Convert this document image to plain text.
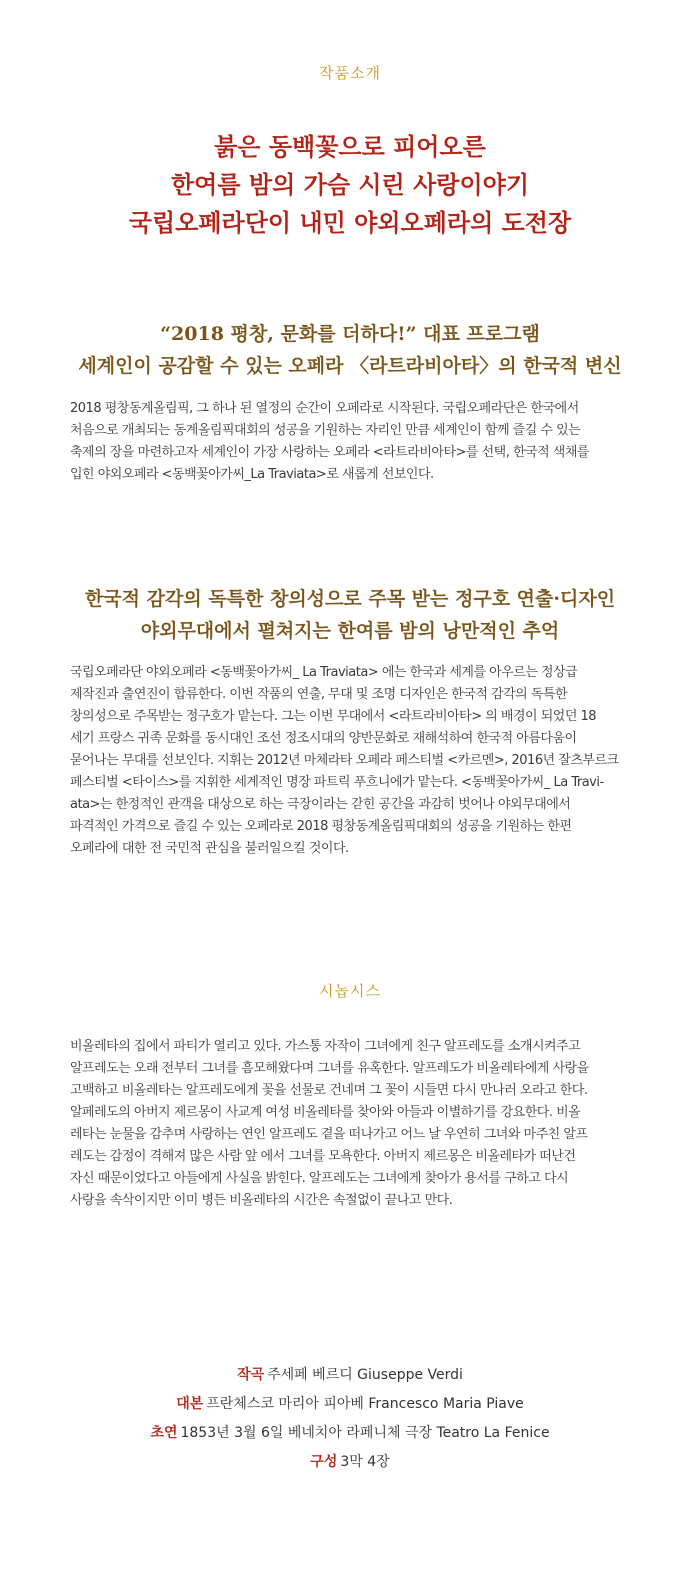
작품소개
붉은 동백꽃으로 피어오른
한여름 밤의 가슴 시린 사랑이야기
국립오페라단이 내민 야외오페라의 도전장
“2018 평창, 문화를 더하다!” 대표 프로그램
세계인이 공감할 수 있는 오페라 〈라트라비아타〉의 한국적 변신
2018 평창동계올림픽, 그 하나 된 열정의 순간이 오페라로 시작된다. 국립오페라단은 한국에서
처음으로 개최되는 동계올림픽대회의 성공을 기원하는 자리인 만큼 세계인이 함께 즐길 수 있는
축제의 장을 마련하고자 세계인이 가장 사랑하는 오페라 <라트라비아타>를 선택, 한국적 색채를
입힌 야외오페라 <동백꽃아가씨_La Traviata>로 새롭게 선보인다.
한국적 감각의 독특한 창의성으로 주목 받는 정구호 연출·디자인
야외무대에서 펼쳐지는 한여름 밤의 낭만적인 추억
국립오페라단 야외오페라 <동백꽃아가씨_ La Traviata> 에는 한국과 세계를 아우르는 정상급
제작진과 출연진이 합류한다. 이번 작품의 연출, 무대 및 조명 디자인은 한국적 감각의 독특한
창의성으로 주목받는 정구호가 맡는다. 그는 이번 무대에서 <라트라비아타> 의 배경이 되었던 18
세기 프랑스 귀족 문화를 동시대인 조선 정조시대의 양반문화로 재해석하여 한국적 아름다움이
묻어나는 무대를 선보인다. 지휘는 2012년 마체라타 오페라 페스티벌 <카르멘>, 2016년 잘츠부르크
페스티벌 <타이스>를 지휘한 세계적인 명장 파트릭 푸흐니에가 맡는다. <동백꽃아가씨_ La Travi-
ata>는 한정적인 관객을 대상으로 하는 극장이라는 갇힌 공간을 과감히 벗어나 야외무대에서
파격적인 가격으로 즐길 수 있는 오페라로 2018 평창동계올림픽대회의 성공을 기원하는 한편
오페라에 대한 전 국민적 관심을 불러일으킬 것이다.
시놉시스
비올레타의 집에서 파티가 열리고 있다. 가스통 자작이 그녀에게 친구 알프레도를 소개시켜주고
알프레도는 오래 전부터 그녀를 흠모해왔다며 그녀를 유혹한다. 알프레도가 비올레타에게 사랑을
고백하고 비올레타는 알프레도에게 꽃을 선물로 건네며 그 꽃이 시들면 다시 만나러 오라고 한다.
알페레도의 아버지 제르몽이 사교계 여성 비올레타를 찾아와 아들과 이별하기를 강요한다. 비올
레타는 눈물을 감추며 사랑하는 연인 알프레도 곁을 떠나가고 어느 날 우연히 그녀와 마주친 알프
레도는 감정이 격해져 많은 사람 앞 에서 그녀를 모욕한다. 아버지 제르몽은 비올레타가 떠난건
자신 때문이었다고 아들에게 사실을 밝힌다. 알프레도는 그녀에게 찾아가 용서를 구하고 다시
사랑을 속삭이지만 이미 병든 비올레타의 시간은 속절없이 끝나고 만다.
작곡 주세페 베르디 Giuseppe Verdi
대본 프란체스코 마리아 피아베 Francesco Maria Piave
초연 1853년 3월 6일 베네치아 라페니체 극장 Teatro La Fenice
구성 3막 4장
